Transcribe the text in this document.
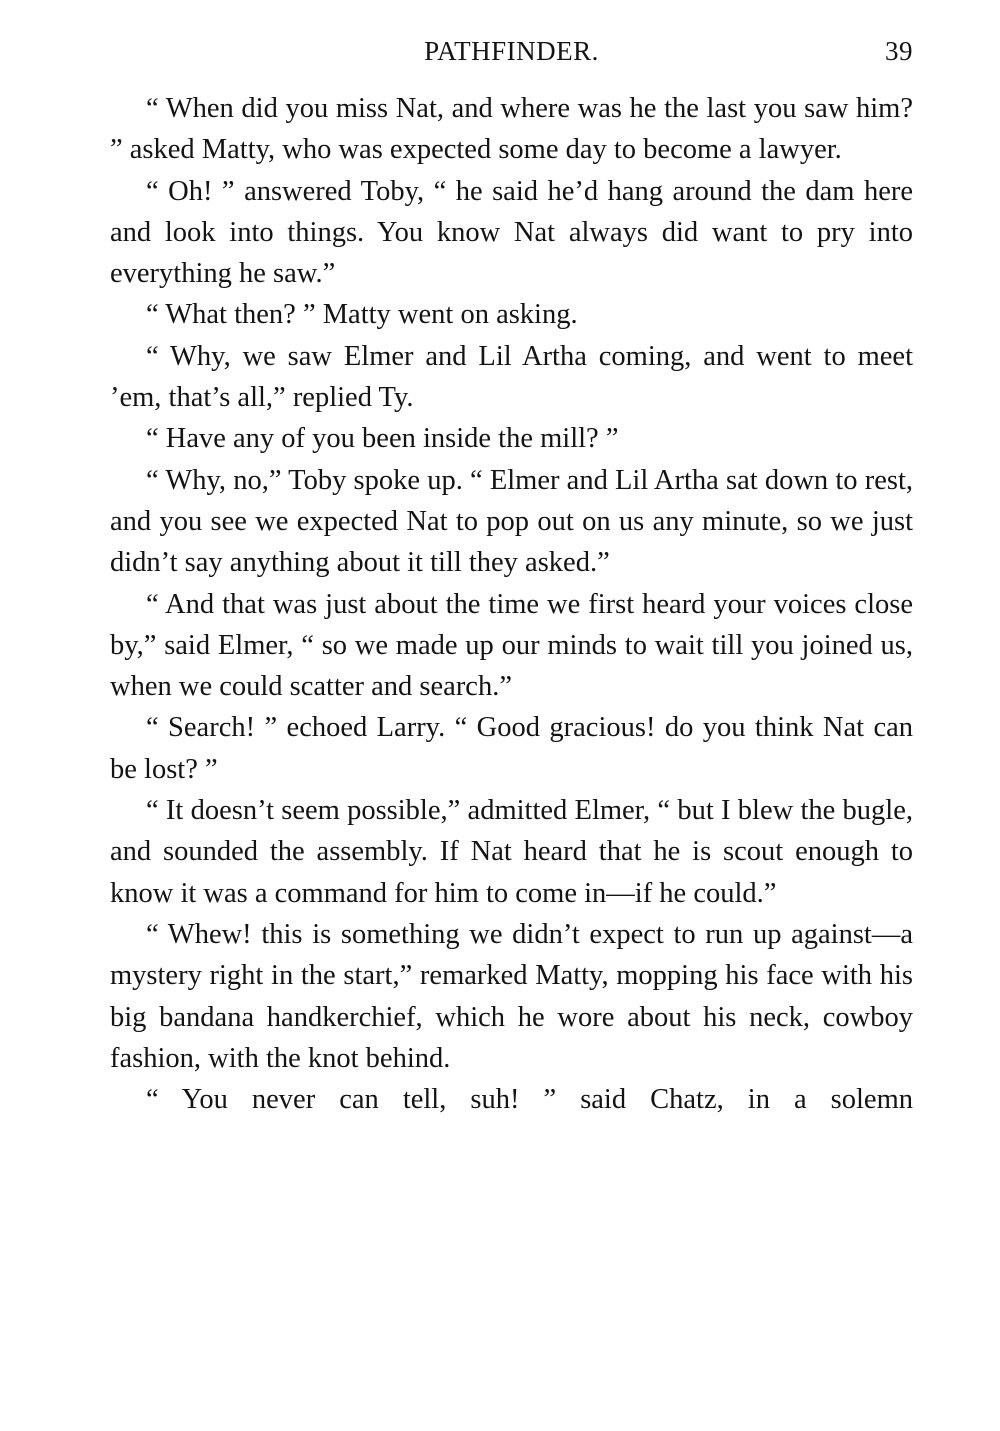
PATHFINDER.	39

“ When did you miss Nat, and where was he the last you saw him? ” asked Matty, who was expected some day to become a lawyer.

“ Oh! ” answered Toby, “ he said he’d hang around the dam here and look into things. You know Nat always did want to pry into everything he saw.”

“ What then? ” Matty went on asking.

“ Why, we saw Elmer and Lil Artha coming, and went to meet ’em, that’s all,” replied Ty.

“ Have any of you been inside the mill? ”

“ Why, no,” Toby spoke up. “ Elmer and Lil Artha sat down to rest, and you see we expected Nat to pop out on us any minute, so we just didn’t say anything about it till they asked.”

“ And that was just about the time we first heard your voices close by,” said Elmer, “ so we made up our minds to wait till you joined us, when we could scatter and search.”

“ Search! ” echoed Larry. “ Good gracious! do you think Nat can be lost? ”

“ It doesn’t seem possible,” admitted Elmer, “ but I blew the bugle, and sounded the assembly. If Nat heard that he is scout enough to know it was a command for him to come in—if he could.”

“ Whew! this is something we didn’t expect to run up against—a mystery right in the start,” remarked Matty, mopping his face with his big bandana handkerchief, which he wore about his neck, cowboy fashion, with the knot behind.

“ You never can tell, suh! ” said Chatz, in a solemn
